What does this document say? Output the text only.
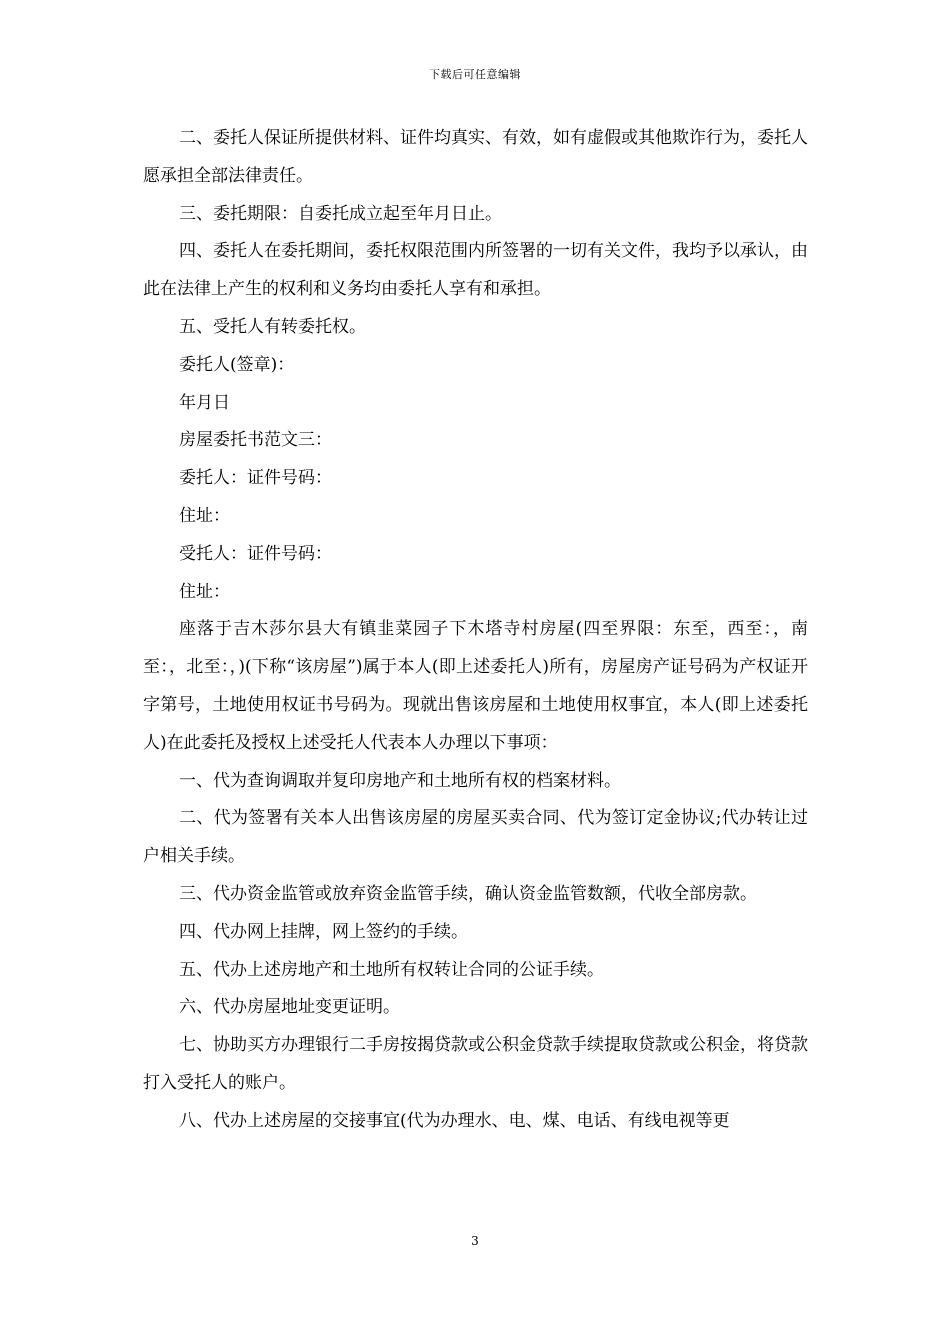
下载后可任意编辑

二、委托人保证所提供材料、证件均真实、有效，如有虚假或其他欺诈行为，委托人愿承担全部法律责任。

三、委托期限：自委托成立起至年月日止。

四、委托人在委托期间，委托权限范围内所签署的一切有关文件，我均予以承认，由此在法律上产生的权利和义务均由委托人享有和承担。

五、受托人有转委托权。

委托人(签章)：

年月日

房屋委托书范文三：

委托人：证件号码：

住址：

受托人：证件号码：

住址：

座落于吉木莎尔县大有镇韭菜园子下木塔寺村房屋(四至界限：东至，西至：，南至：，北至：，)(下称“该房屋”)属于本人(即上述委托人)所有，房屋房产证号码为产权证开字第号，土地使用权证书号码为。现就出售该房屋和土地使用权事宜，本人(即上述委托人)在此委托及授权上述受托人代表本人办理以下事项：

一、代为查询调取并复印房地产和土地所有权的档案材料。

二、代为签署有关本人出售该房屋的房屋买卖合同、代为签订定金协议;代办转让过户相关手续。

三、代办资金监管或放弃资金监管手续，确认资金监管数额，代收全部房款。

四、代办网上挂牌，网上签约的手续。

五、代办上述房地产和土地所有权转让合同的公证手续。

六、代办房屋地址变更证明。

七、协助买方办理银行二手房按揭贷款或公积金贷款手续提取贷款或公积金，将贷款打入受托人的账户。

八、代办上述房屋的交接事宜(代为办理水、电、煤、电话、有线电视等更

3
